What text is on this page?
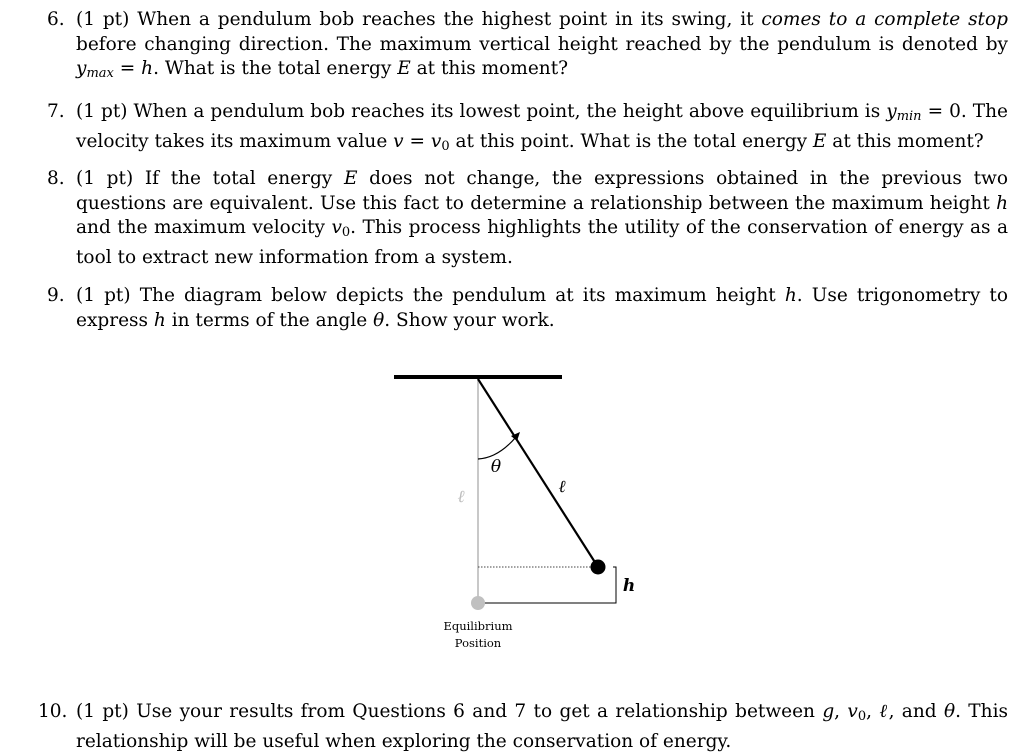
6. (1 pt) When a pendulum bob reaches the highest point in its swing, it comes to a complete stop before changing direction. The maximum vertical height reached by the pendulum is denoted by $y_{max} = h$. What is the total energy E at this moment?
7. (1 pt) When a pendulum bob reaches its lowest point, the height above equilibrium is $y_{min} = 0$. The velocity takes its maximum value v = v0 at this point. What is the total energy E at this moment?
8. (1 pt) If the total energy E does not change, the expressions obtained in the previous two questions are equivalent. Use this fact to determine a relationship between the maximum height h and the maximum velocity v0. This process highlights the utility of the conservation of energy as a tool to extract new information from a system.
9. (1 pt) The diagram below depicts the pendulum at its maximum height h. Use trigonometry to express h in terms of the angle θ. Show your work.
θ
ℓ
ℓ
h
Equilibrium
Position
10. (1 pt) Use your results from Questions 6 and 7 to get a relationship between g, v0, ℓ, and θ. This relationship will be useful when exploring the conservation of energy.
